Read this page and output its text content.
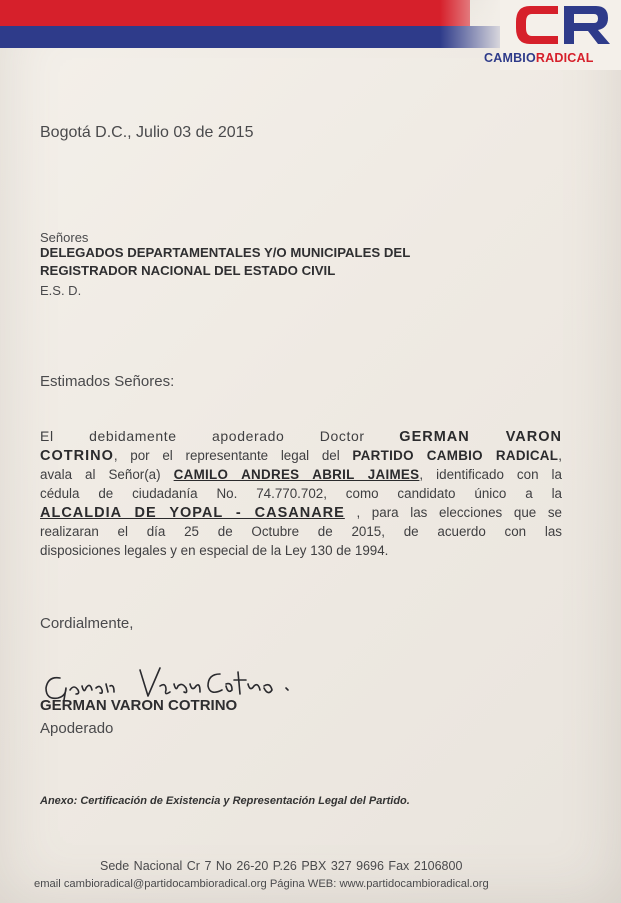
CAMBIORADICAL
Bogotá D.C., Julio 03 de 2015
Señores
DELEGADOS DEPARTAMENTALES Y/O MUNICIPALES DEL
REGISTRADOR NACIONAL DEL ESTADO CIVIL
E.S. D.
Estimados Señores:
El debidamente apoderado Doctor GERMAN VARON
COTRINO, por el representante legal del PARTIDO CAMBIO RADICAL,
avala al Señor(a) CAMILO ANDRES ABRIL JAIMES, identificado con la
cédula de ciudadanía No. 74.770.702, como candidato único a la
ALCALDIA DE YOPAL - CASANARE , para las elecciones que se
realizaran el día 25 de Octubre de 2015, de acuerdo con las
disposiciones legales y en especial de la Ley 130 de 1994.
Cordialmente,
GERMAN VARON COTRINO
Apoderado
Anexo: Certificación de Existencia y Representación Legal del Partido.
Sede Nacional Cr 7 No 26-20 P.26 PBX 327 9696 Fax 2106800
email cambioradical@partidocambioradical.org Página WEB: www.partidocambioradical.org
